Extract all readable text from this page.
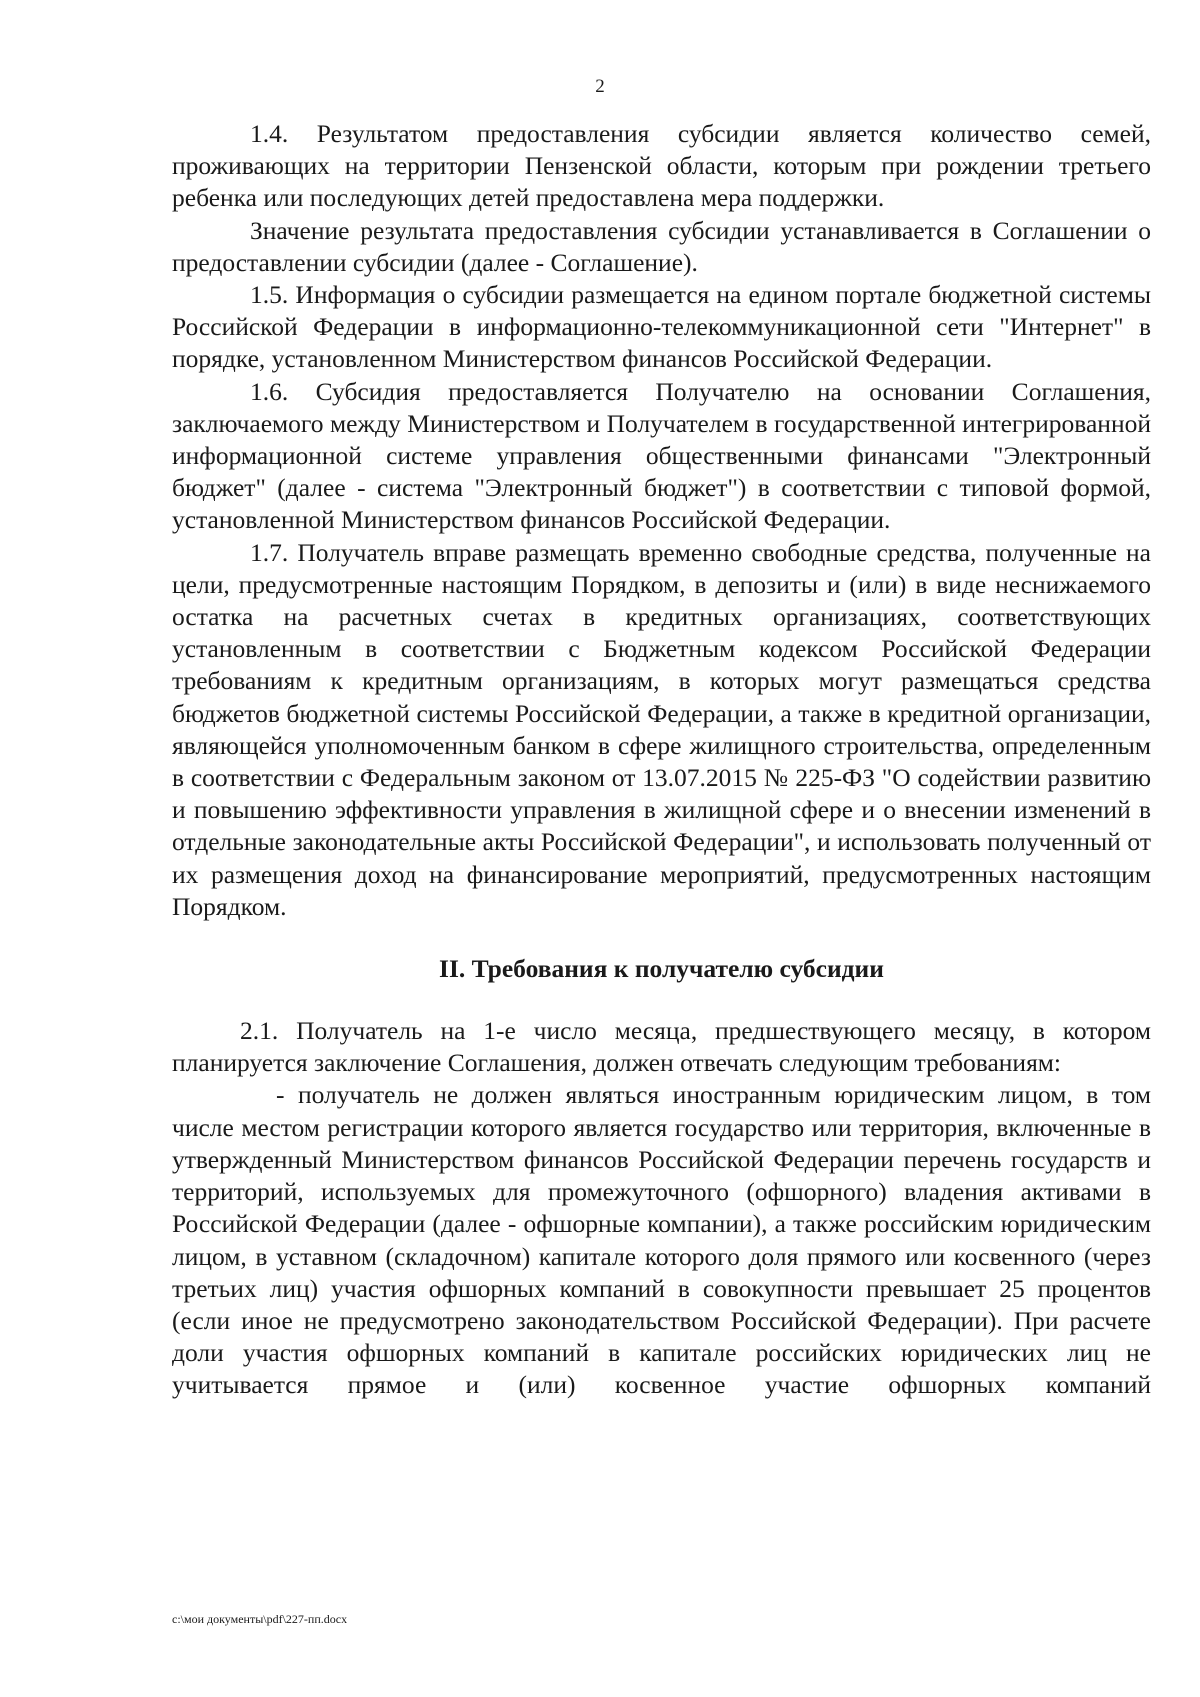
2

1.4. Результатом предоставления субсидии является количество семей, проживающих на территории Пензенской области, которым при рождении третьего ребенка или последующих детей предоставлена мера поддержки.

Значение результата предоставления субсидии устанавливается в Соглашении о предоставлении субсидии (далее - Соглашение).

1.5. Информация о субсидии размещается на едином портале бюджетной системы Российской Федерации в информационно-телекоммуникационной сети "Интернет" в порядке, установленном Министерством финансов Российской Федерации.

1.6. Субсидия предоставляется Получателю на основании Соглашения, заключаемого между Министерством и Получателем в государственной интегрированной информационной системе управления общественными финансами "Электронный бюджет" (далее - система "Электронный бюджет") в соответствии с типовой формой, установленной Министерством финансов Российской Федерации.

1.7. Получатель вправе размещать временно свободные средства, полученные на цели, предусмотренные настоящим Порядком, в депозиты и (или) в виде неснижаемого остатка на расчетных счетах в кредитных организациях, соответствующих установленным в соответствии с Бюджетным кодексом Российской Федерации требованиям к кредитным организациям, в которых могут размещаться средства бюджетов бюджетной системы Российской Федерации, а также в кредитной организации, являющейся уполномоченным банком в сфере жилищного строительства, определенным в соответствии с Федеральным законом от 13.07.2015 № 225-ФЗ "О содействии развитию и повышению эффективности управления в жилищной сфере и о внесении изменений в отдельные законодательные акты Российской Федерации", и использовать полученный от их размещения доход на финансирование мероприятий, предусмотренных настоящим Порядком.

II. Требования к получателю субсидии

2.1. Получатель на 1-е число месяца, предшествующего месяцу, в котором планируется заключение Соглашения, должен отвечать следующим требованиям:

- получатель не должен являться иностранным юридическим лицом, в том числе местом регистрации которого является государство или территория, включенные в утвержденный Министерством финансов Российской Федерации перечень государств и территорий, используемых для промежуточного (офшорного) владения активами в Российской Федерации (далее - офшорные компании), а также российским юридическим лицом, в уставном (складочном) капитале которого доля прямого или косвенного (через третьих лиц) участия офшорных компаний в совокупности превышает 25 процентов (если иное не предусмотрено законодательством Российской Федерации). При расчете доли участия офшорных компаний в капитале российских юридических лиц не учитывается прямое и (или) косвенное участие офшорных компаний

c:\мои документы\pdf\227-пп.docx
